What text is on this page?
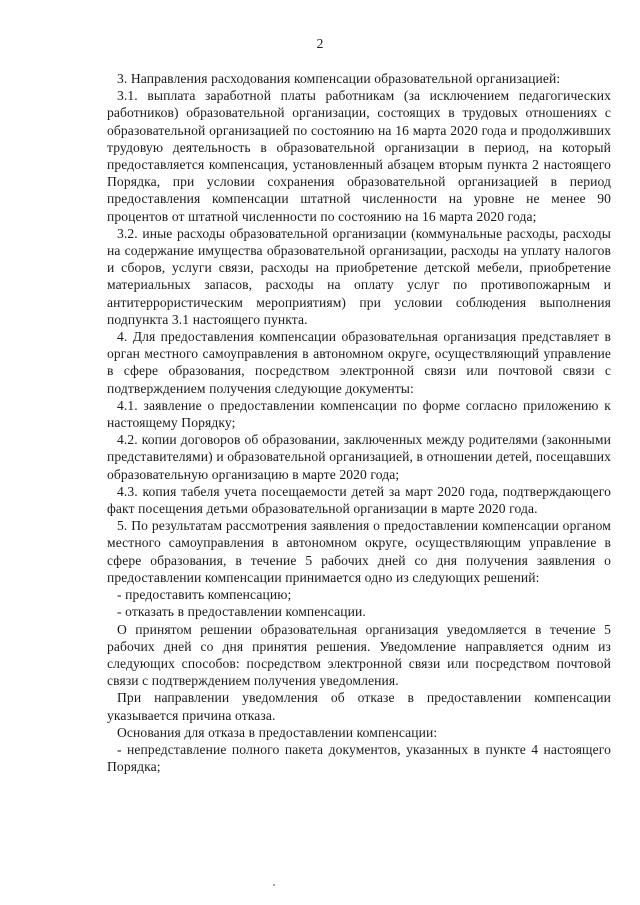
2

3. Направления расходования компенсации образовательной организацией:

3.1. выплата заработной платы работникам (за исключением педагогических работников) образовательной организации, состоящих в трудовых отношениях с образовательной организацией по состоянию на 16 марта 2020 года и продолживших трудовую деятельность в образовательной организации в период, на который предоставляется компенсация, установленный абзацем вторым пункта 2 настоящего Порядка, при условии сохранения образовательной организацией в период предоставления компенсации штатной численности на уровне не менее 90 процентов от штатной численности по состоянию на 16 марта 2020 года;

3.2. иные расходы образовательной организации (коммунальные расходы, расходы на содержание имущества образовательной организации, расходы на уплату налогов и сборов, услуги связи, расходы на приобретение детской мебели, приобретение материальных запасов, расходы на оплату услуг по противопожарным и антитеррористическим мероприятиям) при условии соблюдения выполнения подпункта 3.1 настоящего пункта.

4. Для предоставления компенсации образовательная организация представляет в орган местного самоуправления в автономном округе, осуществляющий управление в сфере образования, посредством электронной связи или почтовой связи с подтверждением получения следующие документы:

4.1. заявление о предоставлении компенсации по форме согласно приложению к настоящему Порядку;

4.2. копии договоров об образовании, заключенных между родителями (законными представителями) и образовательной организацией, в отношении детей, посещавших образовательную организацию в марте 2020 года;

4.3. копия табеля учета посещаемости детей за март 2020 года, подтверждающего факт посещения детьми образовательной организации в марте 2020 года.

5. По результатам рассмотрения заявления о предоставлении компенсации органом местного самоуправления в автономном округе, осуществляющим управление в сфере образования, в течение 5 рабочих дней со дня получения заявления о предоставлении компенсации принимается одно из следующих решений:

- предоставить компенсацию;

- отказать в предоставлении компенсации.

О принятом решении образовательная организация уведомляется в течение 5 рабочих дней со дня принятия решения. Уведомление направляется одним из следующих способов: посредством электронной связи или посредством почтовой связи с подтверждением получения уведомления.

При направлении уведомления об отказе в предоставлении компенсации указывается причина отказа.

Основания для отказа в предоставлении компенсации:

- непредставление полного пакета документов, указанных в пункте 4 настоящего Порядка;
